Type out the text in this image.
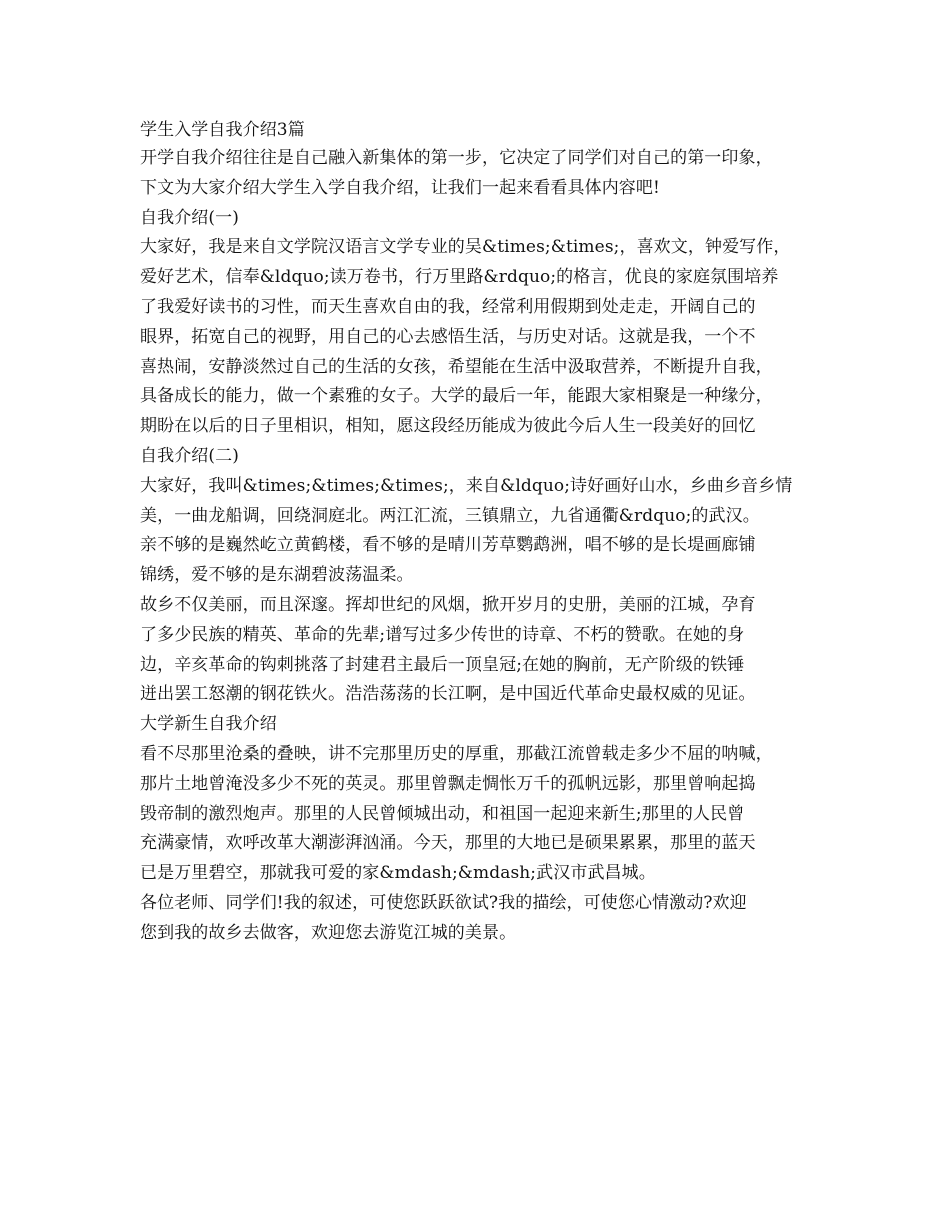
学生入学自我介绍3篇
开学自我介绍往往是自己融入新集体的第一步，它决定了同学们对自己的第一印象，
下文为大家介绍大学生入学自我介绍，让我们一起来看看具体内容吧!
自我介绍(一)
大家好，我是来自文学院汉语言文学专业的吴&times;&times;，喜欢文，钟爱写作，
爱好艺术，信奉&ldquo;读万卷书，行万里路&rdquo;的格言，优良的家庭氛围培养
了我爱好读书的习性，而天生喜欢自由的我，经常利用假期到处走走，开阔自己的
眼界，拓宽自己的视野，用自己的心去感悟生活，与历史对话。这就是我，一个不
喜热闹，安静淡然过自己的生活的女孩，希望能在生活中汲取营养，不断提升自我，
具备成长的能力，做一个素雅的女子。大学的最后一年，能跟大家相聚是一种缘分，
期盼在以后的日子里相识，相知，愿这段经历能成为彼此今后人生一段美好的回忆
自我介绍(二)
大家好，我叫&times;&times;&times;，来自&ldquo;诗好画好山水，乡曲乡音乡情
美，一曲龙船调，回绕洞庭北。两江汇流，三镇鼎立，九省通衢&rdquo;的武汉。
亲不够的是巍然屹立黄鹤楼，看不够的是晴川芳草鹦鹉洲，唱不够的是长堤画廊铺
锦绣，爱不够的是东湖碧波荡温柔。
故乡不仅美丽，而且深邃。挥却世纪的风烟，掀开岁月的史册，美丽的江城，孕育
了多少民族的精英、革命的先辈;谱写过多少传世的诗章、不朽的赞歌。在她的身
边，辛亥革命的钩刺挑落了封建君主最后一顶皇冠;在她的胸前，无产阶级的铁锤
迸出罢工怒潮的钢花铁火。浩浩荡荡的长江啊，是中国近代革命史最权威的见证。
大学新生自我介绍
看不尽那里沧桑的叠映，讲不完那里历史的厚重，那截江流曾载走多少不屈的呐喊，
那片土地曾淹没多少不死的英灵。那里曾飘走惆怅万千的孤帆远影，那里曾响起捣
毁帝制的激烈炮声。那里的人民曾倾城出动，和祖国一起迎来新生;那里的人民曾
充满豪情，欢呼改革大潮澎湃汹涌。今天，那里的大地已是硕果累累，那里的蓝天
已是万里碧空，那就我可爱的家&mdash;&mdash;武汉市武昌城。
各位老师、同学们!我的叙述，可使您跃跃欲试?我的描绘，可使您心情激动?欢迎
您到我的故乡去做客，欢迎您去游览江城的美景。
